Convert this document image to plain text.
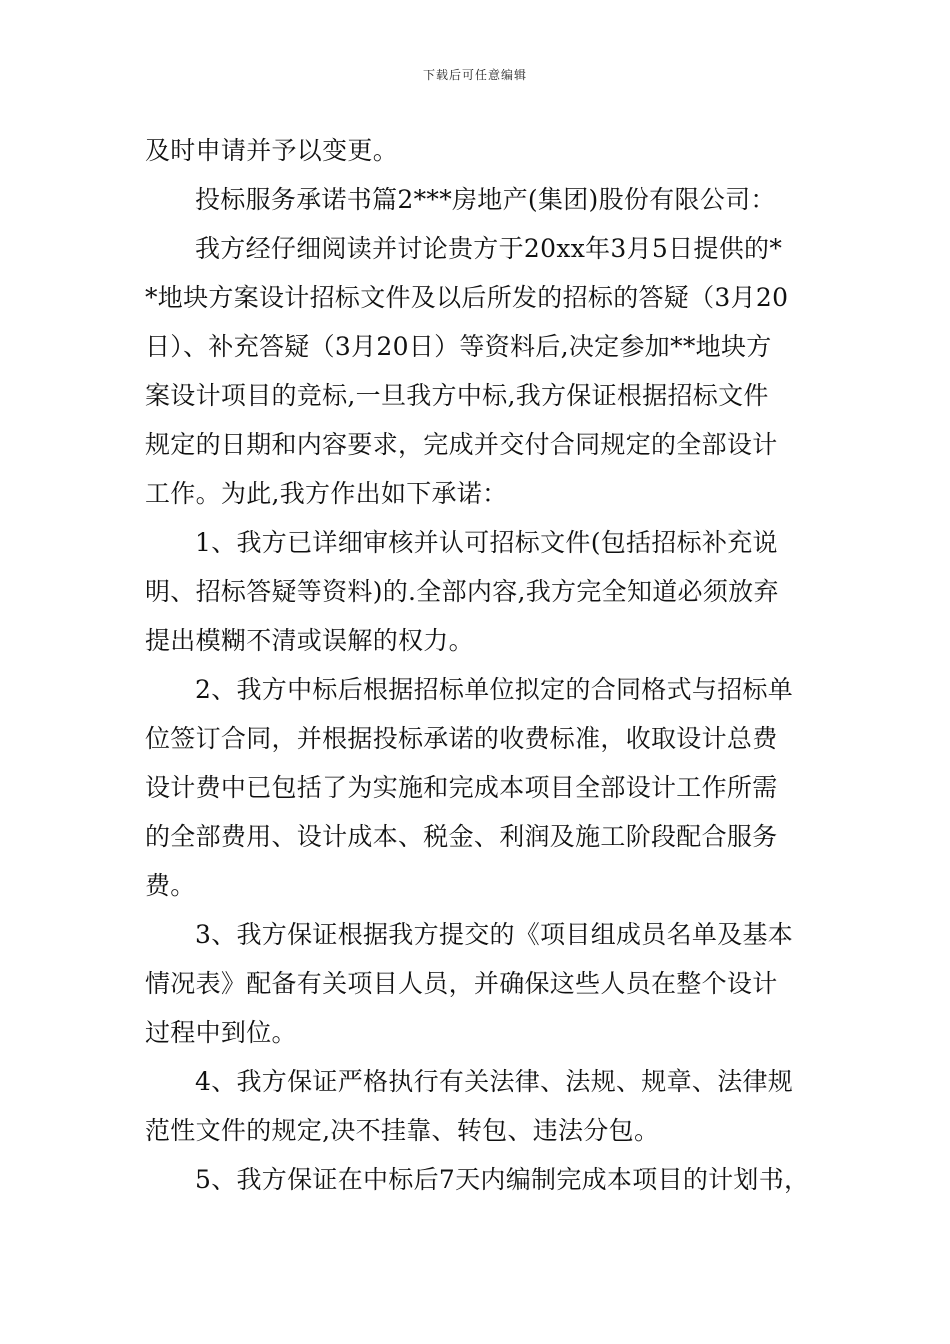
下载后可任意编辑
及时申请并予以变更。
投标服务承诺书篇2***房地产(集团)股份有限公司：
我方经仔细阅读并讨论贵方于20xx年3月5日提供的*
*地块方案设计招标文件及以后所发的招标的答疑（3月20
日）、补充答疑（3月20日）等资料后,决定参加**地块方
案设计项目的竞标,一旦我方中标,我方保证根据招标文件
规定的日期和内容要求，完成并交付合同规定的全部设计
工作。为此,我方作出如下承诺：
1、我方已详细审核并认可招标文件(包括招标补充说
明、招标答疑等资料)的.全部内容,我方完全知道必须放弃
提出模糊不清或误解的权力。
2、我方中标后根据招标单位拟定的合同格式与招标单
位签订合同，并根据投标承诺的收费标准，收取设计总费
设计费中已包括了为实施和完成本项目全部设计工作所需
的全部费用、设计成本、税金、利润及施工阶段配合服务
费。
3、我方保证根据我方提交的《项目组成员名单及基本
情况表》配备有关项目人员，并确保这些人员在整个设计
过程中到位。
4、我方保证严格执行有关法律、法规、规章、法律规
范性文件的规定,决不挂靠、转包、违法分包。
5、我方保证在中标后7天内编制完成本项目的计划书，
